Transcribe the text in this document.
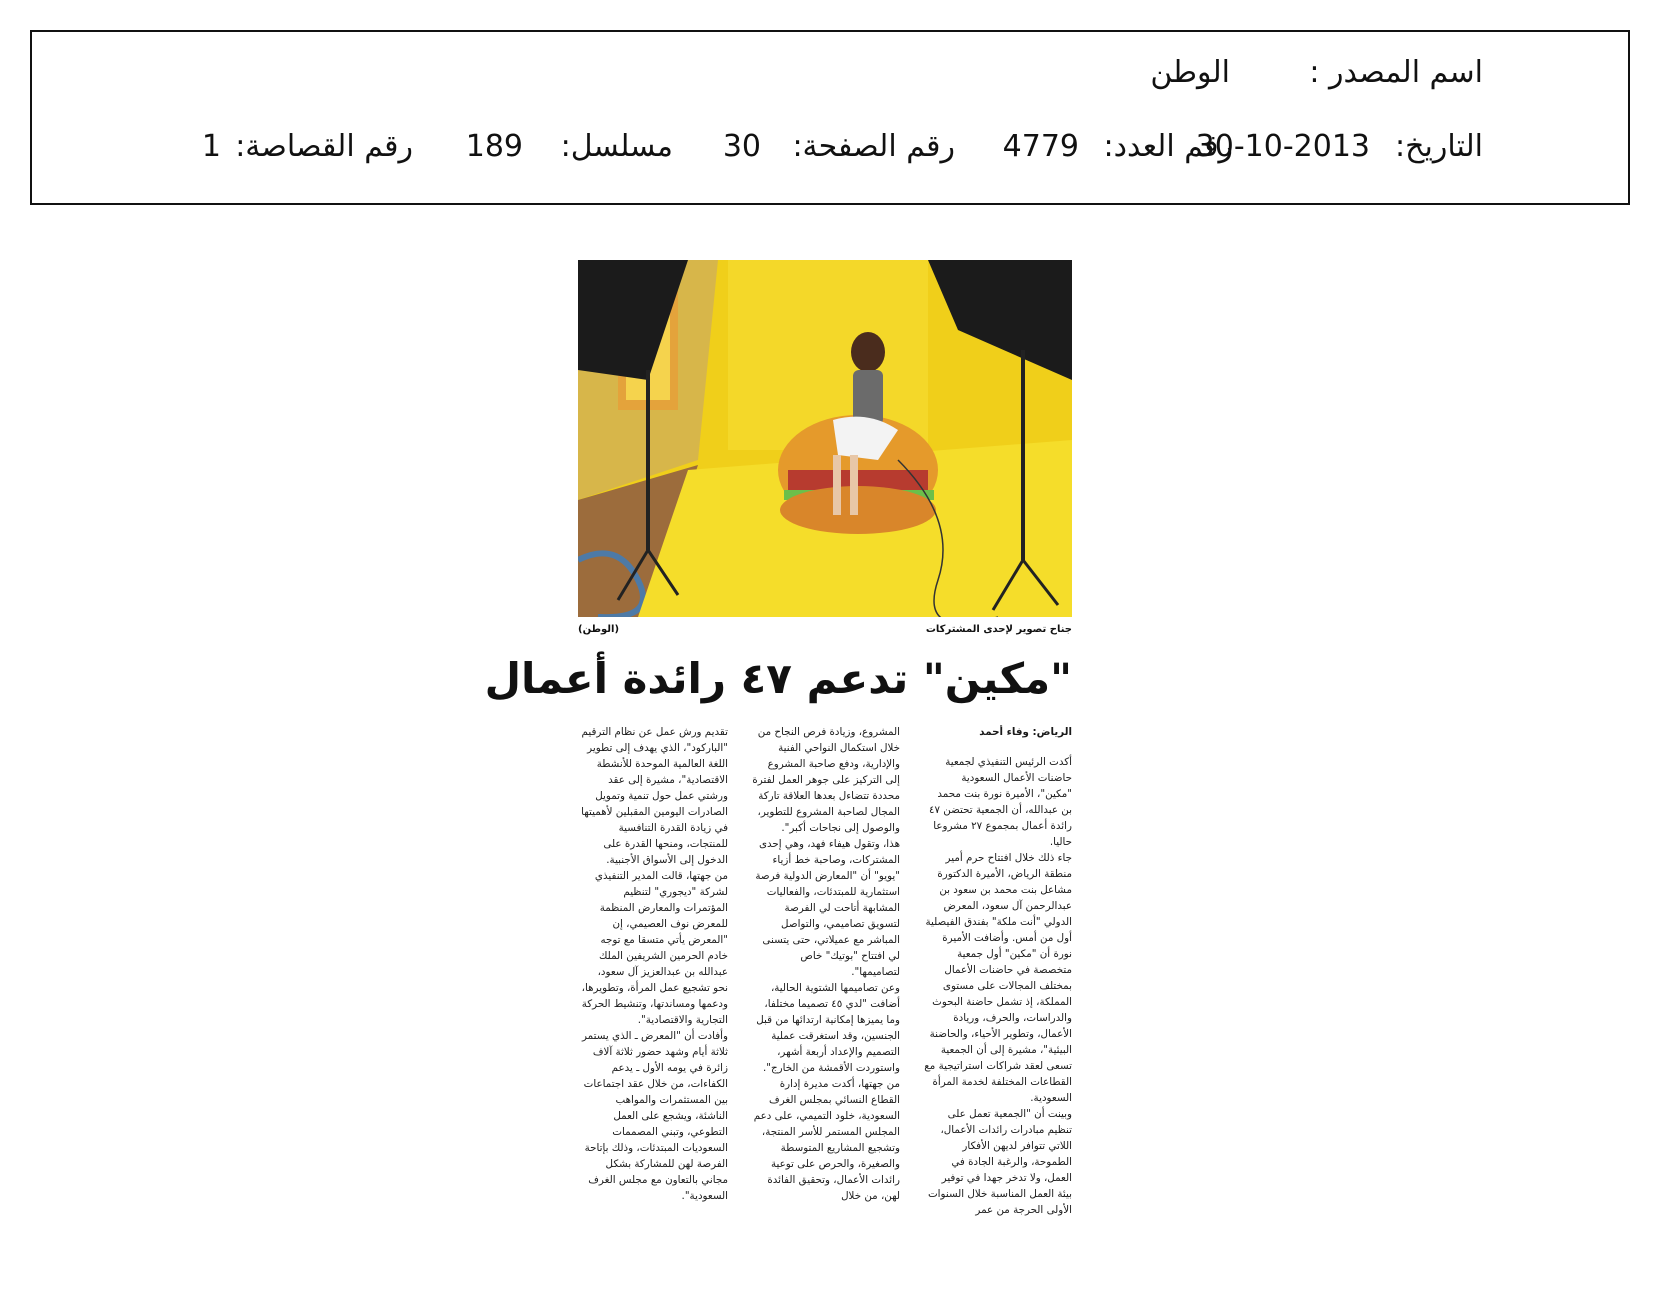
اسم المصدر :
الوطن
التاريخ:
30-10-2013
رقم العدد:
4779
رقم الصفحة:
30
مسلسل:
189
رقم القصاصة:
1
جناح تصوير لإحدى المشتركات
(الوطن)
"مكين" تدعم ٤٧ رائدة أعمال
الرياض: وفاء أحمد

أكدت الرئيس التنفيذي لجمعية حاضنات الأعمال السعودية "مكين"، الأميرة نورة بنت محمد بن عبدالله، أن الجمعية تحتضن ٤٧ رائدة أعمال بمجموع ٢٧ مشروعا حاليا.

جاء ذلك خلال افتتاح حرم أمير منطقة الرياض، الأميرة الدكتورة مشاعل بنت محمد بن سعود بن عبدالرحمن آل سعود، المعرض الدولي "أنت ملكة" بفندق الفيصلية أول من أمس. وأضافت الأميرة نورة أن "مكين" أول جمعية متخصصة في حاضنات الأعمال بمختلف المجالات على مستوى المملكة، إذ تشمل حاضنة البحوث والدراسات، والحرف، وريادة الأعمال، وتطوير الأحياء، والحاضنة البيئية"، مشيرة إلى أن الجمعية تسعى لعقد شراكات استراتيجية مع القطاعات المختلفة لخدمة المرأة السعودية.

وبينت أن "الجمعية تعمل على تنظيم مبادرات رائدات الأعمال، اللاتي تتوافر لديهن الأفكار الطموحة، والرغبة الجادة في العمل، ولا تدخر جهدا في توفير بيئة العمل المناسبة خلال السنوات الأولى الحرجة من عمر

المشروع، وزيادة فرص النجاح من خلال استكمال النواحي الفنية والإدارية، ودفع صاحبة المشروع إلى التركيز على جوهر العمل لفترة محددة تتضاءل بعدها العلاقة تاركة المجال لصاحبة المشروع للتطوير، والوصول إلى نجاحات أكبر".

هذا، وتقول هيفاء فهد، وهي إحدى المشتركات، وصاحبة خط أزياء "يويو" أن "المعارض الدولية فرصة استثمارية للمبتدئات، والفعاليات المشابهة أتاحت لي الفرصة لتسويق تصاميمي، والتواصل المباشر مع عميلاتي، حتى يتسنى لي افتتاح "بوتيك" خاص لتصاميمها".

وعن تصاميمها الشتوية الحالية، أضافت "لدي ٤٥ تصميما مختلفا، وما يميزها إمكانية ارتدائها من قبل الجنسين، وقد استغرقت عملية التصميم والإعداد أربعة أشهر، واستوردت الأقمشة من الخارج".

من جهتها، أكدت مديرة إدارة القطاع النسائي بمجلس الغرف السعودية، خلود التميمي، على دعم المجلس المستمر للأسر المنتجة، وتشجيع المشاريع المتوسطة والصغيرة، والحرص على توعية رائدات الأعمال، وتحقيق الفائدة لهن، من خلال

تقديم ورش عمل عن نظام الترقيم "الباركود"، الذي يهدف إلى تطوير اللغة العالمية الموحدة للأنشطة الاقتصادية"، مشيرة إلى عقد ورشتي عمل حول تنمية وتمويل الصادرات اليومين المقبلين لأهميتها في زيادة القدرة التنافسية للمنتجات، ومنحها القدرة على الدخول إلى الأسواق الأجنبية.

من جهتها، قالت المدير التنفيذي لشركة "ديجوري" لتنظيم المؤتمرات والمعارض المنظمة للمعرض نوف العصيمي، إن "المعرض يأتي متسقا مع توجه خادم الحرمين الشريفين الملك عبدالله بن عبدالعزيز آل سعود، نحو تشجيع عمل المرأة، وتطويرها، ودعمها ومساندتها، وتنشيط الحركة التجارية والاقتصادية".

وأفادت أن "المعرض ـ الذي يستمر ثلاثة أيام وشهد حضور ثلاثة آلاف زائرة في يومه الأول ـ يدعم الكفاءات، من خلال عقد اجتماعات بين المستثمرات والمواهب الناشئة، ويشجع على العمل التطوعي، وتبني المصممات السعوديات المبتدئات، وذلك بإتاحة الفرصة لهن للمشاركة بشكل مجاني بالتعاون مع مجلس الغرف السعودية".
